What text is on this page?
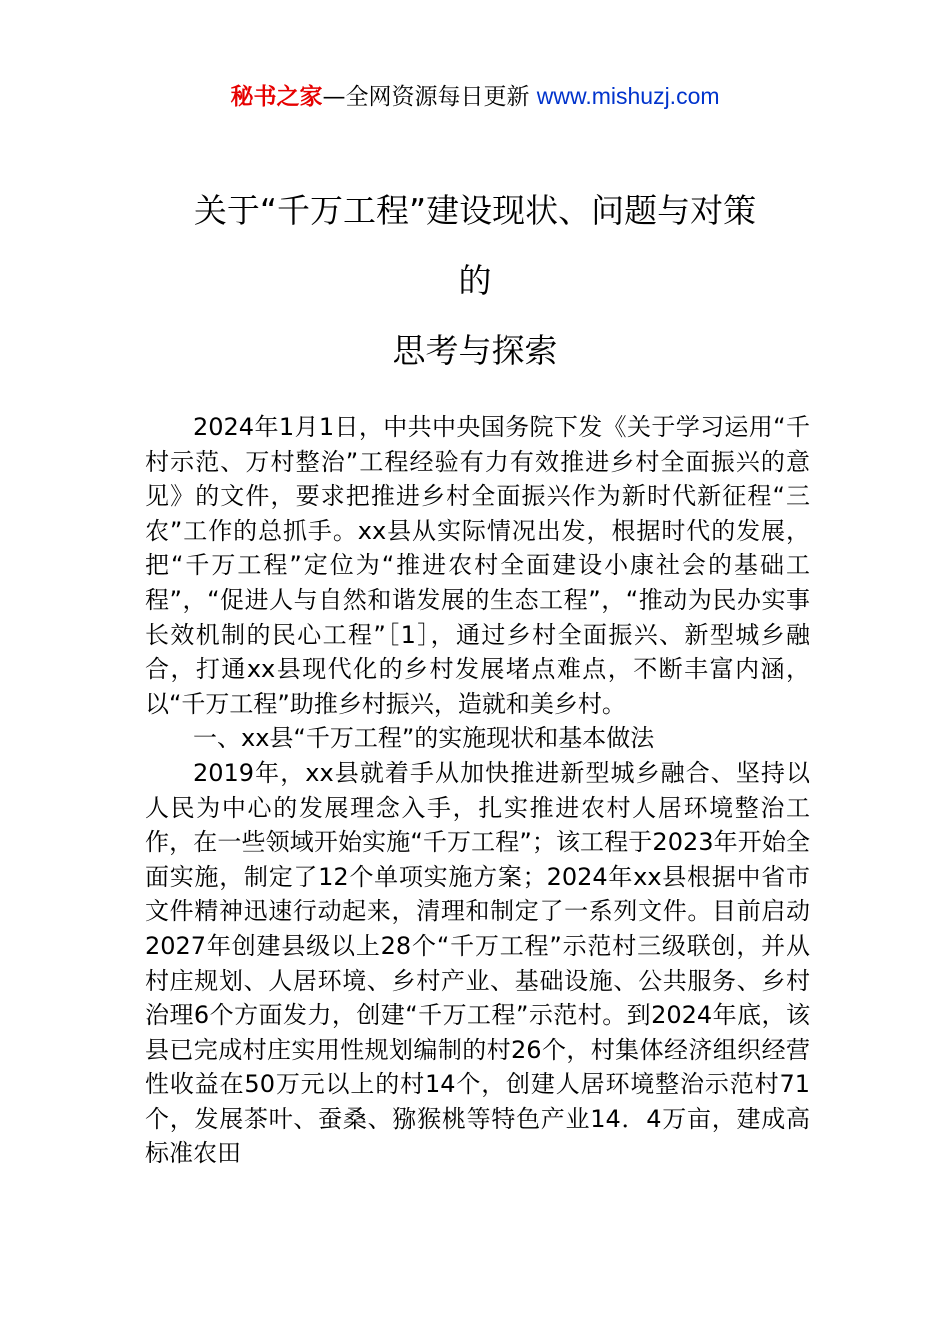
秘书之家—全网资源每日更新 www.mishuzj.com
关于“千万工程”建设现状、问题与对策
的
思考与探索

2024年1月1日，中共中央国务院下发《关于学习运用“千村示范、万村整治”工程经验有力有效推进乡村全面振兴的意见》的文件，要求把推进乡村全面振兴作为新时代新征程“三农”工作的总抓手。xx县从实际情况出发，根据时代的发展，把“千万工程”定位为“推进农村全面建设小康社会的基础工程”，“促进人与自然和谐发展的生态工程”，“推动为民办实事长效机制的民心工程”［1］，通过乡村全面振兴、新型城乡融合，打通xx县现代化的乡村发展堵点难点，不断丰富内涵，以“千万工程”助推乡村振兴，造就和美乡村。

一、xx县“千万工程”的实施现状和基本做法

2019年，xx县就着手从加快推进新型城乡融合、坚持以人民为中心的发展理念入手，扎实推进农村人居环境整治工作，在一些领域开始实施“千万工程”；该工程于2023年开始全面实施，制定了12个单项实施方案；2024年xx县根据中省市文件精神迅速行动起来，清理和制定了一系列文件。目前启动2027年创建县级以上28个“千万工程”示范村三级联创，并从村庄规划、人居环境、乡村产业、基础设施、公共服务、乡村治理6个方面发力，创建“千万工程”示范村。到2024年底，该县已完成村庄实用性规划编制的村26个，村集体经济组织经营性收益在50万元以上的村14个，创建人居环境整治示范村71个，发展茶叶、蚕桑、猕猴桃等特色产业14．4万亩，建成高标准农田
